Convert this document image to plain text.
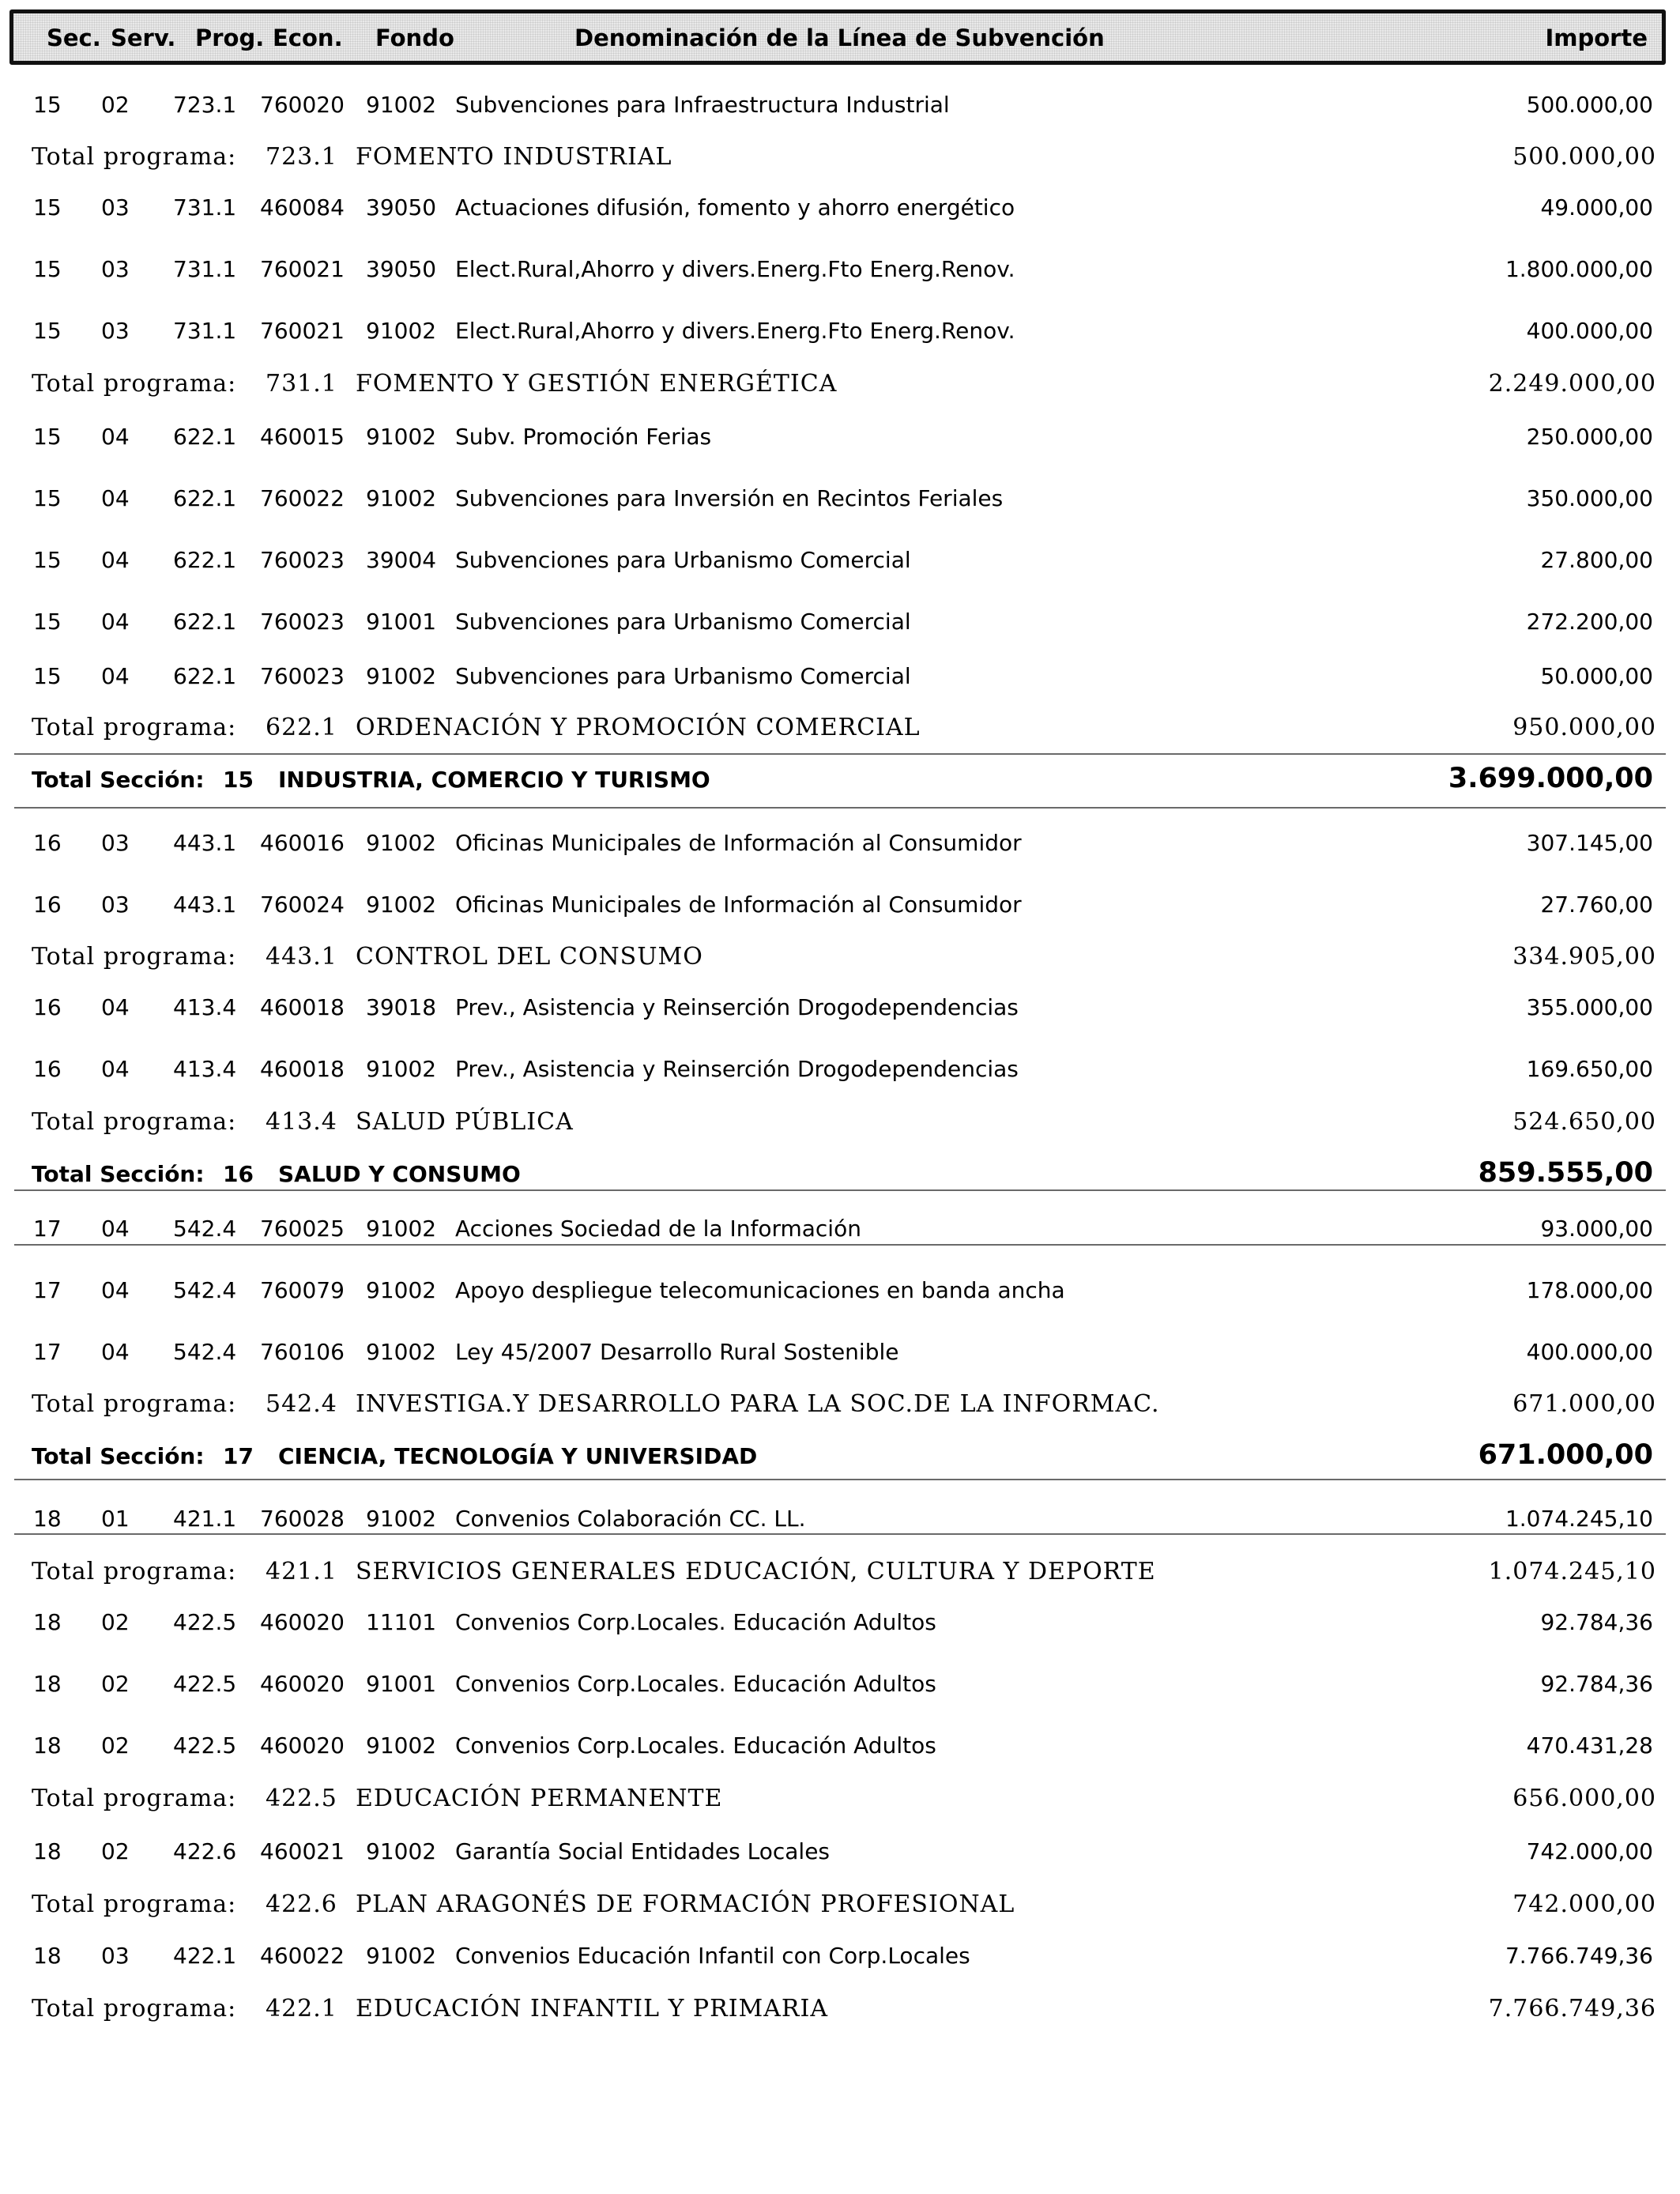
Sec. Serv. Prog. Econ. Fondo	Denominación de la Línea de Subvención	Importe
15 02 723.1 760020 91002 Subvenciones para Infraestructura Industrial	500.000,00
Total programa: 723.1 FOMENTO INDUSTRIAL	500.000,00
15 03 731.1 460084 39050 Actuaciones difusión, fomento y ahorro energético	49.000,00
15 03 731.1 760021 39050 Elect.Rural,Ahorro y divers.Energ.Fto Energ.Renov.	1.800.000,00
15 03 731.1 760021 91002 Elect.Rural,Ahorro y divers.Energ.Fto Energ.Renov.	400.000,00
Total programa: 731.1 FOMENTO Y GESTIÓN ENERGÉTICA	2.249.000,00
15 04 622.1 460015 91002 Subv. Promoción Ferias	250.000,00
15 04 622.1 760022 91002 Subvenciones para Inversión en Recintos Feriales	350.000,00
15 04 622.1 760023 39004 Subvenciones para Urbanismo Comercial	27.800,00
15 04 622.1 760023 91001 Subvenciones para Urbanismo Comercial	272.200,00
15 04 622.1 760023 91002 Subvenciones para Urbanismo Comercial	50.000,00
Total programa: 622.1 ORDENACIÓN Y PROMOCIÓN COMERCIAL	950.000,00
Total Sección: 15 INDUSTRIA, COMERCIO Y TURISMO	3.699.000,00
16 03 443.1 460016 91002 Oficinas Municipales de Información al Consumidor	307.145,00
16 03 443.1 760024 91002 Oficinas Municipales de Información al Consumidor	27.760,00
Total programa: 443.1 CONTROL DEL CONSUMO	334.905,00
16 04 413.4 460018 39018 Prev., Asistencia y Reinserción Drogodependencias	355.000,00
16 04 413.4 460018 91002 Prev., Asistencia y Reinserción Drogodependencias	169.650,00
Total programa: 413.4 SALUD PÚBLICA	524.650,00
Total Sección: 16 SALUD Y CONSUMO	859.555,00
17 04 542.4 760025 91002 Acciones Sociedad de la Información	93.000,00
17 04 542.4 760079 91002 Apoyo despliegue telecomunicaciones en banda ancha	178.000,00
17 04 542.4 760106 91002 Ley 45/2007 Desarrollo Rural Sostenible	400.000,00
Total programa: 542.4 INVESTIGA.Y DESARROLLO PARA LA SOC.DE LA INFORMAC.	671.000,00
Total Sección: 17 CIENCIA, TECNOLOGÍA Y UNIVERSIDAD	671.000,00
18 01 421.1 760028 91002 Convenios Colaboración CC. LL.	1.074.245,10
Total programa: 421.1 SERVICIOS GENERALES EDUCACIÓN, CULTURA Y DEPORTE	1.074.245,10
18 02 422.5 460020 11101 Convenios Corp.Locales. Educación Adultos	92.784,36
18 02 422.5 460020 91001 Convenios Corp.Locales. Educación Adultos	92.784,36
18 02 422.5 460020 91002 Convenios Corp.Locales. Educación Adultos	470.431,28
Total programa: 422.5 EDUCACIÓN PERMANENTE	656.000,00
18 02 422.6 460021 91002 Garantía Social Entidades Locales	742.000,00
Total programa: 422.6 PLAN ARAGONÉS DE FORMACIÓN PROFESIONAL	742.000,00
18 03 422.1 460022 91002 Convenios Educación Infantil con Corp.Locales	7.766.749,36
Total programa: 422.1 EDUCACIÓN INFANTIL Y PRIMARIA	7.766.749,36
